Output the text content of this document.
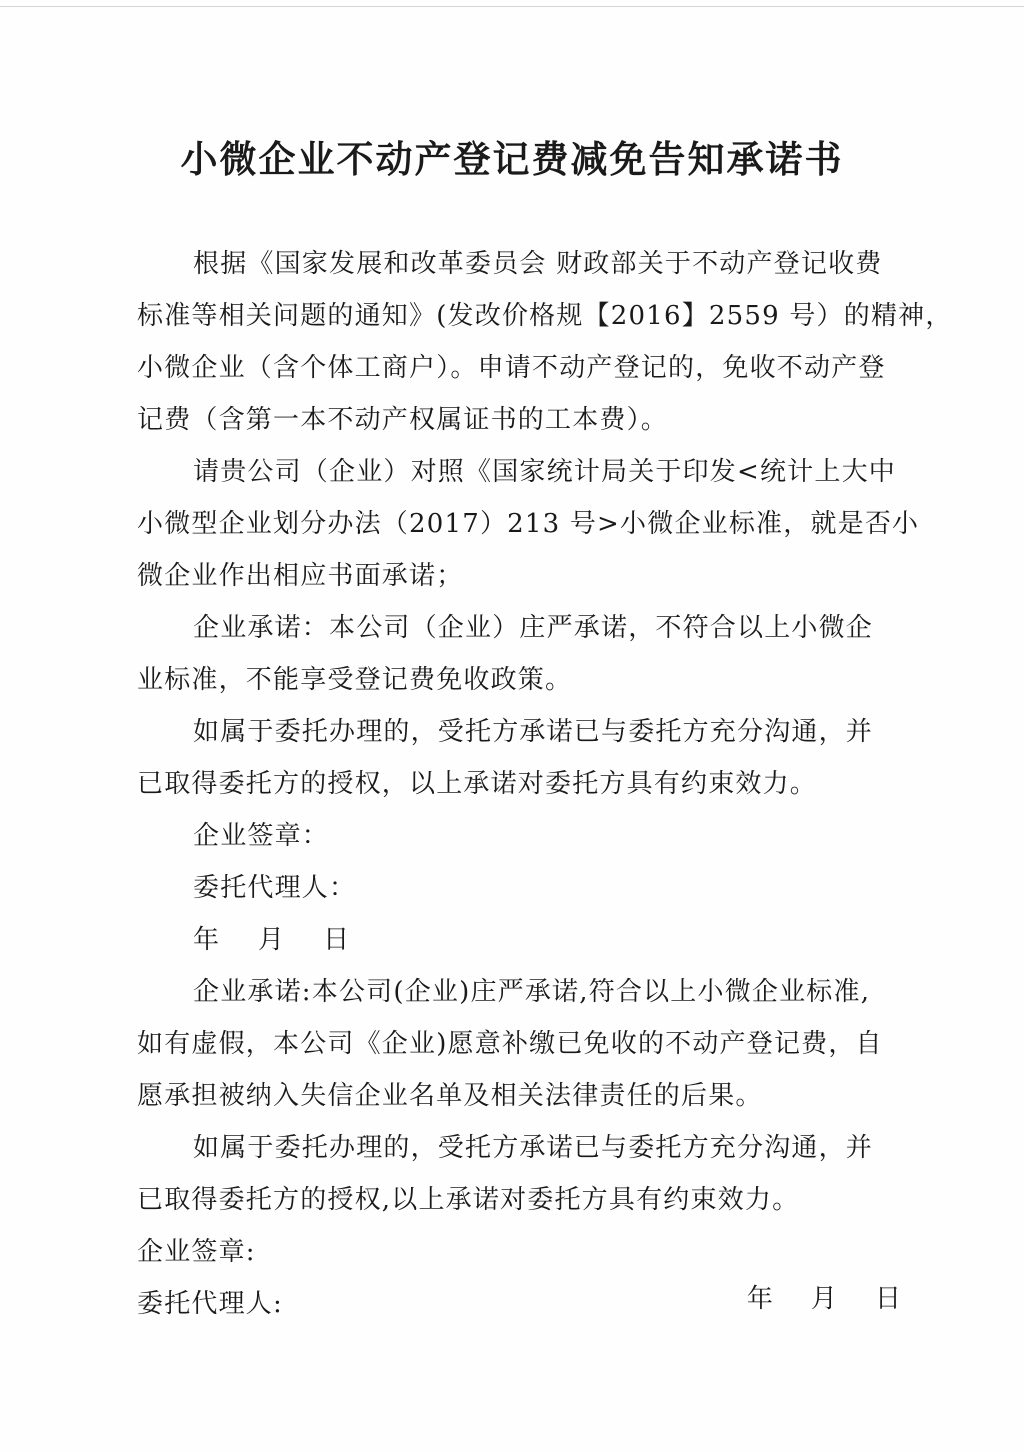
小微企业不动产登记费减免告知承诺书

根据《国家发展和改革委员会 财政部关于不动产登记收费
标准等相关问题的通知》(发改价格规【2016】2559 号）的精神，
小微企业（含个体工商户）。申请不动产登记的，免收不动产登
记费（含第一本不动产权属证书的工本费）。

请贵公司（企业）对照《国家统计局关于印发<统计上大中
小微型企业划分办法（2017）213 号>小微企业标准，就是否小
微企业作出相应书面承诺；

企业承诺：本公司（企业）庄严承诺，不符合以上小微企
业标准，不能享受登记费免收政策。

如属于委托办理的，受托方承诺已与委托方充分沟通，并
已取得委托方的授权，以上承诺对委托方具有约束效力。

企业签章：
委托代理人：
年    月    日

企业承诺:本公司(企业)庄严承诺,符合以上小微企业标准,
如有虚假，本公司《企业)愿意补缴已免收的不动产登记费，自
愿承担被纳入失信企业名单及相关法律责任的后果。

如属于委托办理的，受托方承诺已与委托方充分沟通，并
已取得委托方的授权,以上承诺对委托方具有约束效力。

企业签章:
委托代理人:	年    月    日
